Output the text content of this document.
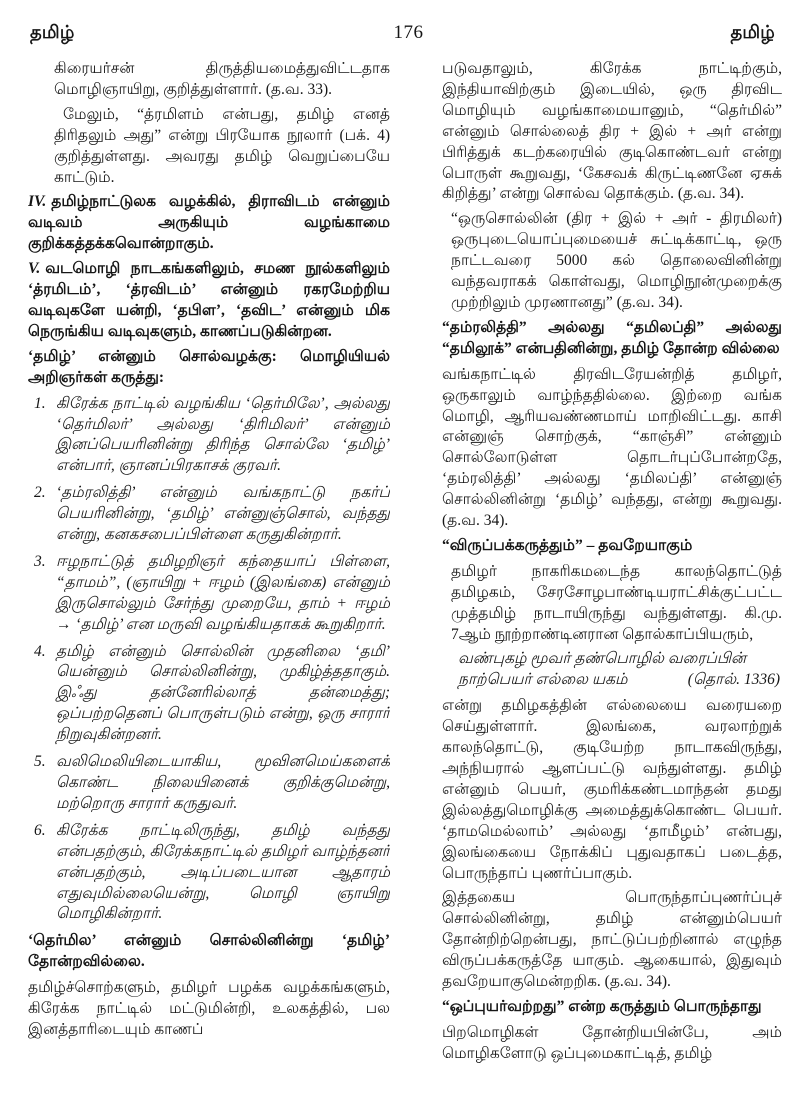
தமிழ்	176	தமிழ்
கிரையர்சன் திருத்தியமைத்துவிட்டதாக மொழிஞாயிறு, குறித்துள்ளார். (த.வ. 33).
மேலும், “த்ரமிளம் என்பது, தமிழ் எனத் திரிதலும் அது” என்று பிரயோக நூலார் (பக். 4) குறித்துள்ளது. அவரது தமிழ் வெறுப்பையே காட்டும்.
IV. தமிழ்நாட்டுலக வழக்கில், திராவிடம் என்னும் வடிவம் அருகியும் வழங்காமை குறிக்கத்தக்கவொன்றாகும்.
V. வடமொழி நாடகங்களிலும், சமண நூல்களிலும் ‘த்ரமிடம்’, ‘த்ரவிடம்’ என்னும் ரகரமேற்றிய வடிவுகளே யன்றி, ‘தபிள’, ‘தவிட’ என்னும் மிக நெருங்கிய வடிவுகளும், காணப்படுகின்றன.
‘தமிழ்’ என்னும் சொல்வழக்கு: மொழியியல் அறிஞர்கள் கருத்து:
1. கிரேக்க நாட்டில் வழங்கிய ‘தெர்மிலே’, அல்லது ‘தெர்மிலர்’ அல்லது ‘திரிமிலர்’ என்னும் இனப்பெயரினின்று திரிந்த சொல்லே ‘தமிழ்’ என்பார், ஞானப்பிரகாசக் குரவர்.
2. ‘தம்ரலித்தி’ என்னும் வங்கநாட்டு நகர்ப் பெயரினின்று, ‘தமிழ்’ என்னுஞ்சொல், வந்தது என்று, கனகசபைப்பிள்ளை கருதுகின்றார்.
3. ஈழநாட்டுத் தமிழறிஞர் கந்தையாப் பிள்ளை, “தாமம்”, (ஞாயிறு + ஈழம் (இலங்கை) என்னும் இருசொல்லும் சேர்ந்து முறையே, தாம் + ஈழம் → ‘தமிழ்’ என மருவி வழங்கியதாகக் கூறுகிறார்.
4. தமிழ் என்னும் சொல்லின் முதனிலை ‘தமி’ யென்னும் சொல்லினின்று, முகிழ்த்ததாகும். இஃது தன்னேரில்லாத் தன்மைத்து; ஒப்பற்றதெனப் பொருள்படும் என்று, ஒரு சாரார் நிறுவுகின்றனர்.
5. வலிமெலியிடையாகிய, மூவினமெய்களைக் கொண்ட நிலையினைக் குறிக்குமென்று, மற்றொரு சாரார் கருதுவர்.
6. கிரேக்க நாட்டிலிருந்து, தமிழ் வந்தது என்பதற்கும், கிரேக்கநாட்டில் தமிழர் வாழ்ந்தனர் என்பதற்கும், அடிப்படையான ஆதாரம் எதுவுமில்லையென்று, மொழி ஞாயிறு மொழிகின்றார்.
‘தெர்மில’ என்னும் சொல்லினின்று ‘தமிழ்’ தோன்றவில்லை.
தமிழ்ச்சொற்களும், தமிழர் பழக்க வழக்கங்களும், கிரேக்க நாட்டில் மட்டுமின்றி, உலகத்தில், பல இனத்தாரிடையும் காணப்
படுவதாலும், கிரேக்க நாட்டிற்கும், இந்தியாவிற்கும் இடையில், ஒரு திரவிட மொழியும் வழங்காமையானும், “தெர்மில்” என்னும் சொல்லைத் திர + இல் + அர் என்று பிரித்துக் கடற்கரையில் குடிகொண்டவர் என்று பொருள் கூறுவது, ‘கேசவக் கிருட்டிணனே ஏசுக் கிறித்து’ என்று சொல்வ தொக்கும். (த.வ. 34).
“ஒருசொல்லின் (திர + இல் + அர் - திரமிலர்) ஒருபுடையொப்புமையைச் சுட்டிக்காட்டி, ஒரு நாட்டவரை 5000 கல் தொலைவினின்று வந்தவராகக் கொள்வது, மொழிநூன்முறைக்கு முற்றிலும் முரணானது” (த.வ. 34).
“தம்ரலித்தி” அல்லது “தமிலப்தி” அல்லது “தமிலூக்” என்பதினின்று, தமிழ் தோன்ற வில்லை
வங்கநாட்டில் திரவிடரேயன்றித் தமிழர், ஒருகாலும் வாழ்ந்ததில்லை. இற்றை வங்க மொழி, ஆரியவண்ணமாய் மாறிவிட்டது. காசி என்னுஞ் சொற்குக், “காஞ்சி” என்னும் சொல்லோடுள்ள தொடர்புப்போன்றதே, ‘தம்ரலித்தி’ அல்லது ‘தமிலப்தி’ என்னுஞ் சொல்லினின்று ‘தமிழ்’ வந்தது, என்று கூறுவது. (த.வ. 34).
“விருப்பக்கருத்தும்” – தவறேயாகும்
தமிழர் நாகரிகமடைந்த காலந்தொட்டுத் தமிழகம், சேரசோழபாண்டியராட்சிக்குட்பட்ட முத்தமிழ் நாடாயிருந்து வந்துள்ளது. கி.மு. 7ஆம் நூற்றாண்டினரான தொல்காப்பியரும்,
வண்புகழ் மூவர் தண்பொழில் வரைப்பின்
நாற்பெயர் எல்லை யகம்	(தொல். 1336)
என்று தமிழகத்தின் எல்லையை வரையறை செய்துள்ளார். இலங்கை, வரலாற்றுக் காலந்தொட்டு, குடியேற்ற நாடாகவிருந்து, அந்நியரால் ஆளப்பட்டு வந்துள்ளது. தமிழ் என்னும் பெயர், குமரிக்கண்டமாந்தன் தமது இல்லத்துமொழிக்கு அமைத்துக்கொண்ட பெயர். ‘தாமமெல்லாம்’ அல்லது ‘தாமீழம்’ என்பது, இலங்கையை நோக்கிப் புதுவதாகப் படைத்த, பொருந்தாப் புணர்ப்பாகும்.
இத்தகைய பொருந்தாப்புணர்ப்புச் சொல்லினின்று, தமிழ் என்னும்பெயர் தோன்றிற்றென்பது, நாட்டுப்பற்றினால் எழுந்த விருப்பக்கருத்தே யாகும். ஆகையால், இதுவும் தவறேயாகுமென்றறிக. (த.வ. 34).
“ஒப்புயர்வற்றது” என்ற கருத்தும் பொருந்தாது
பிறமொழிகள் தோன்றியபின்பே, அம் மொழிகளோடு ஒப்புமைகாட்டித், தமிழ்
